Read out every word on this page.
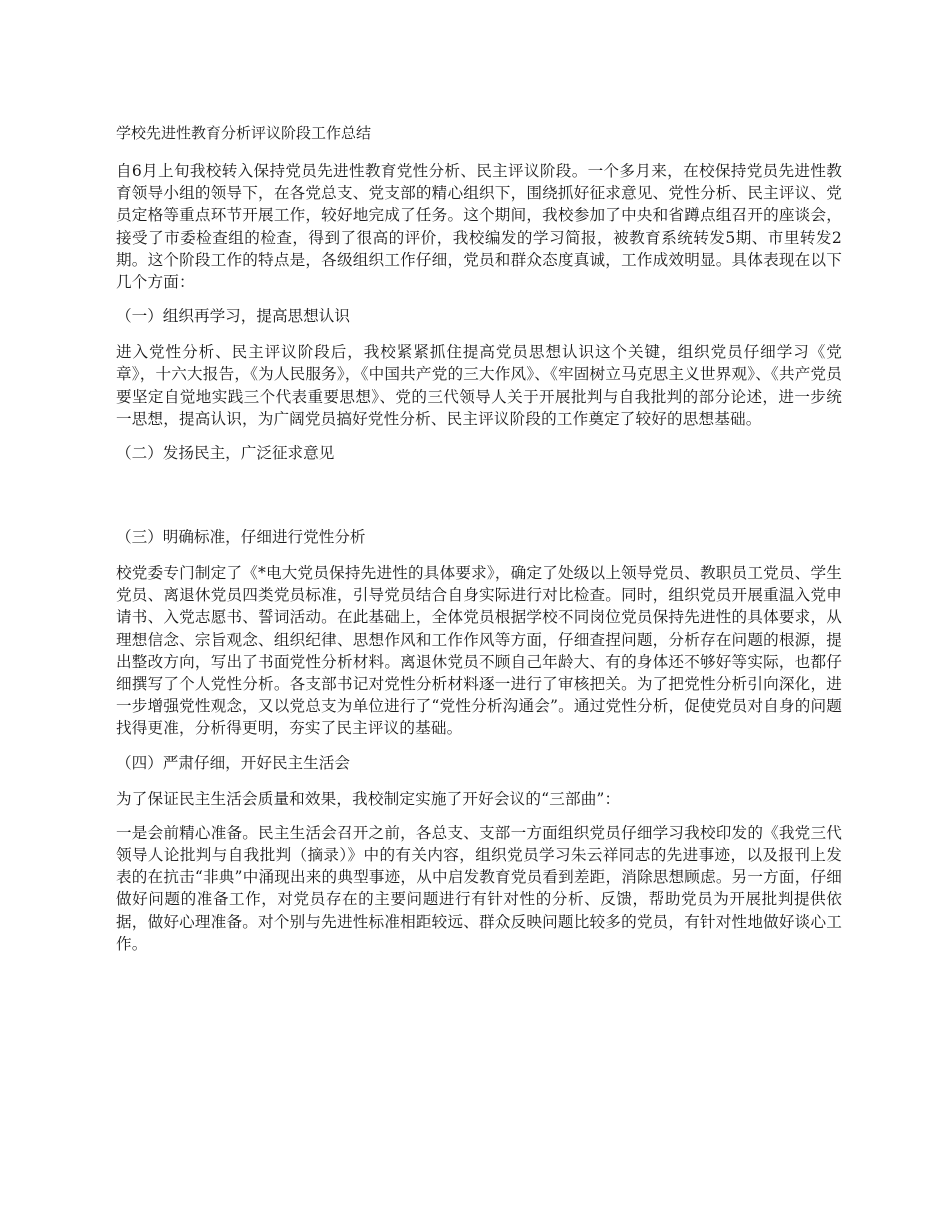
学校先进性教育分析评议阶段工作总结

自6月上旬我校转入保持党员先进性教育党性分析、民主评议阶段。一个多月来，在校保持党员先进性教育领导小组的领导下，在各党总支、党支部的精心组织下，围绕抓好征求意见、党性分析、民主评议、党员定格等重点环节开展工作，较好地完成了任务。这个期间，我校参加了中央和省蹲点组召开的座谈会，接受了市委检查组的检查，得到了很高的评价，我校编发的学习简报，被教育系统转发5期、市里转发2期。这个阶段工作的特点是，各级组织工作仔细，党员和群众态度真诚，工作成效明显。具体表现在以下几个方面：

（一）组织再学习，提高思想认识

进入党性分析、民主评议阶段后，我校紧紧抓住提高党员思想认识这个关键，组织党员仔细学习《党章》，十六大报告，《为人民服务》，《中国共产党的三大作风》、《牢固树立马克思主义世界观》、《共产党员要坚定自觉地实践三个代表重要思想》、党的三代领导人关于开展批判与自我批判的部分论述，进一步统一思想，提高认识，为广阔党员搞好党性分析、民主评议阶段的工作奠定了较好的思想基础。

（二）发扬民主，广泛征求意见
（三）明确标准，仔细进行党性分析

校党委专门制定了《*电大党员保持先进性的具体要求》，确定了处级以上领导党员、教职员工党员、学生党员、离退休党员四类党员标准，引导党员结合自身实际进行对比检查。同时，组织党员开展重温入党申请书、入党志愿书、誓词活动。在此基础上，全体党员根据学校不同岗位党员保持先进性的具体要求，从理想信念、宗旨观念、组织纪律、思想作风和工作作风等方面，仔细查捏问题，分析存在问题的根源，提出整改方向，写出了书面党性分析材料。离退休党员不顾自己年龄大、有的身体还不够好等实际，也都仔细撰写了个人党性分析。各支部书记对党性分析材料逐一进行了审核把关。为了把党性分析引向深化，进一步增强党性观念，又以党总支为单位进行了“党性分析沟通会”。通过党性分析，促使党员对自身的问题找得更准，分析得更明，夯实了民主评议的基础。

（四）严肃仔细，开好民主生活会

为了保证民主生活会质量和效果，我校制定实施了开好会议的“三部曲”：

一是会前精心准备。民主生活会召开之前，各总支、支部一方面组织党员仔细学习我校印发的《我党三代领导人论批判与自我批判（摘录）》中的有关内容，组织党员学习朱云祥同志的先进事迹，以及报刊上发表的在抗击“非典”中涌现出来的典型事迹，从中启发教育党员看到差距，消除思想顾虑。另一方面，仔细做好问题的准备工作，对党员存在的主要问题进行有针对性的分析、反馈，帮助党员为开展批判提供依据，做好心理准备。对个别与先进性标准相距较远、群众反映问题比较多的党员，有针对性地做好谈心工作。
